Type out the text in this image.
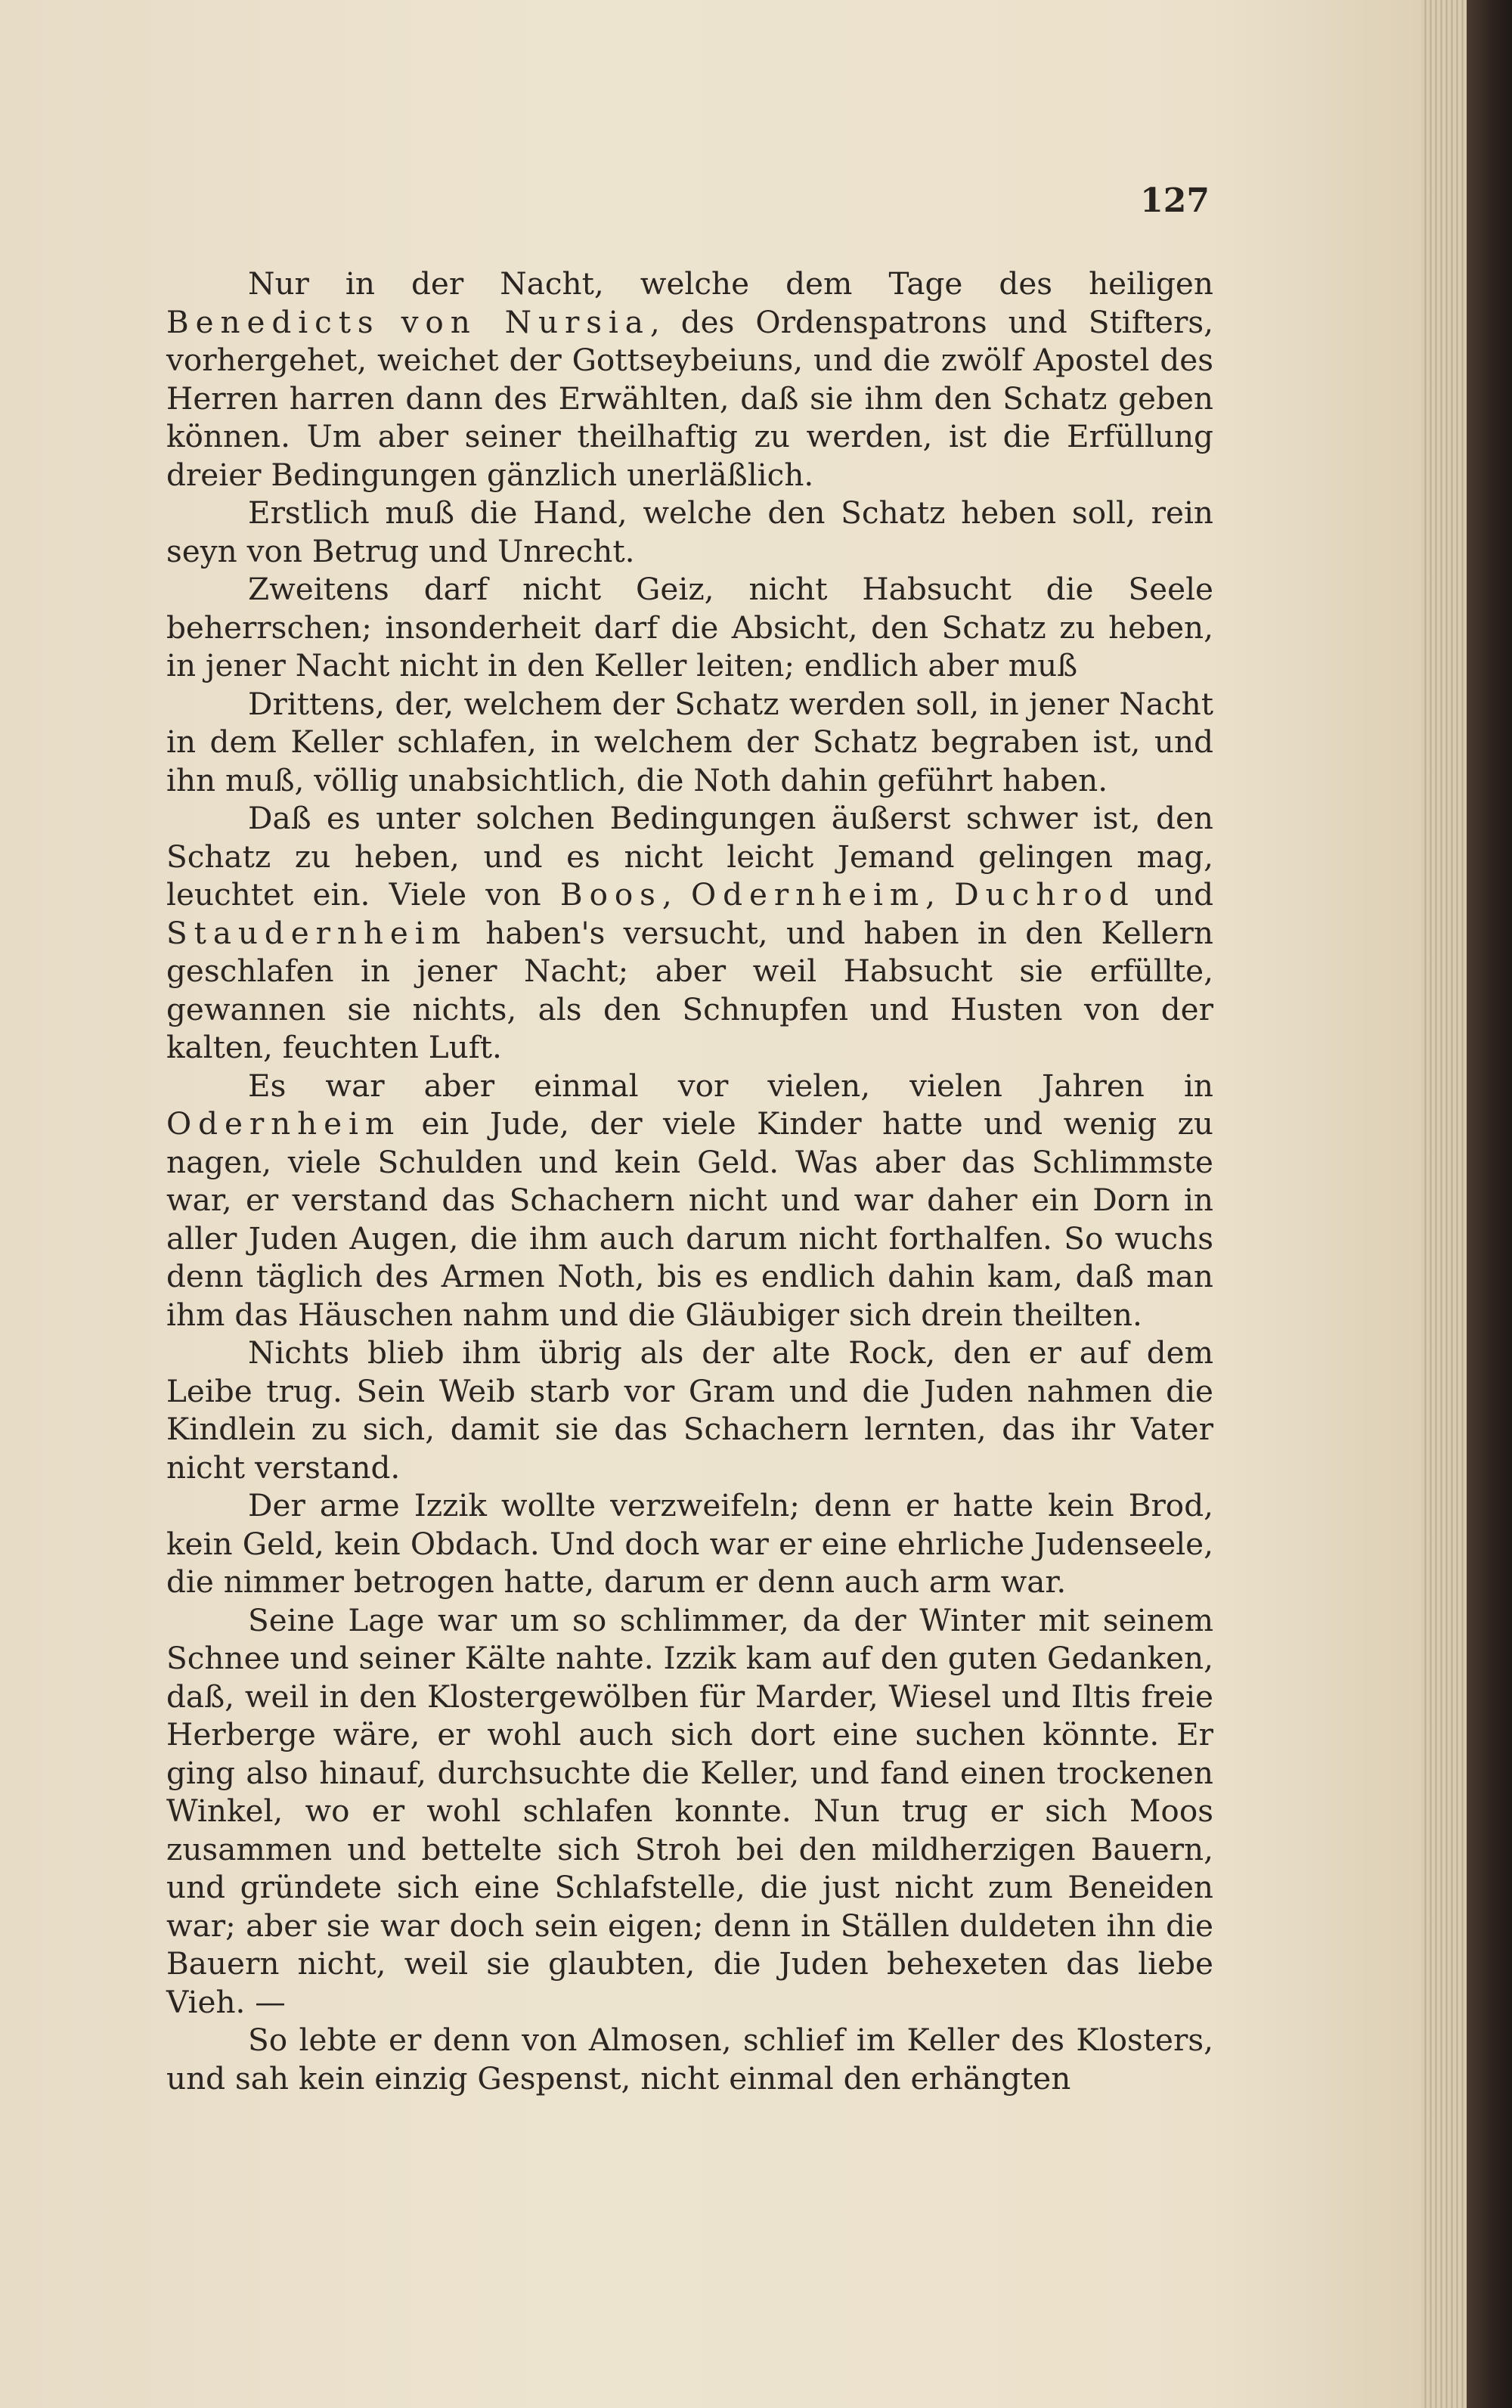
127

Nur in der Nacht, welche dem Tage des heiligen Benedicts von Nursia, des Ordenspatrons und Stifters, vorhergehet, weichet der Gottseybeiuns, und die zwölf Apostel des Herren harren dann des Erwählten, daß sie ihm den Schatz geben können. Um aber seiner theilhaftig zu werden, ist die Erfüllung dreier Bedingungen gänzlich unerläßlich.

Erstlich muß die Hand, welche den Schatz heben soll, rein seyn von Betrug und Unrecht.

Zweitens darf nicht Geiz, nicht Habsucht die Seele beherrschen; insonderheit darf die Absicht, den Schatz zu heben, in jener Nacht nicht in den Keller leiten; endlich aber muß

Drittens, der, welchem der Schatz werden soll, in jener Nacht in dem Keller schlafen, in welchem der Schatz begraben ist, und ihn muß, völlig unabsichtlich, die Noth dahin geführt haben.

Daß es unter solchen Bedingungen äußerst schwer ist, den Schatz zu heben, und es nicht leicht Jemand gelingen mag, leuchtet ein. Viele von Boos, Odernheim, Duchrod und Staudernheim haben's versucht, und haben in den Kellern geschlafen in jener Nacht; aber weil Habsucht sie erfüllte, gewannen sie nichts, als den Schnupfen und Husten von der kalten, feuchten Luft.

Es war aber einmal vor vielen, vielen Jahren in Odernheim ein Jude, der viele Kinder hatte und wenig zu nagen, viele Schulden und kein Geld. Was aber das Schlimmste war, er verstand das Schachern nicht und war daher ein Dorn in aller Juden Augen, die ihm auch darum nicht forthalfen. So wuchs denn täglich des Armen Noth, bis es endlich dahin kam, daß man ihm das Häuschen nahm und die Gläubiger sich drein theilten.

Nichts blieb ihm übrig als der alte Rock, den er auf dem Leibe trug. Sein Weib starb vor Gram und die Juden nahmen die Kindlein zu sich, damit sie das Schachern lernten, das ihr Vater nicht verstand.

Der arme Izzik wollte verzweifeln; denn er hatte kein Brod, kein Geld, kein Obdach. Und doch war er eine ehrliche Judenseele, die nimmer betrogen hatte, darum er denn auch arm war.

Seine Lage war um so schlimmer, da der Winter mit seinem Schnee und seiner Kälte nahte. Izzik kam auf den guten Gedanken, daß, weil in den Klostergewölben für Marder, Wiesel und Iltis freie Herberge wäre, er wohl auch sich dort eine suchen könnte. Er ging also hinauf, durchsuchte die Keller, und fand einen trockenen Winkel, wo er wohl schlafen konnte. Nun trug er sich Moos zusammen und bettelte sich Stroh bei den mildherzigen Bauern, und gründete sich eine Schlafstelle, die just nicht zum Beneiden war; aber sie war doch sein eigen; denn in Ställen duldeten ihn die Bauern nicht, weil sie glaubten, die Juden behexeten das liebe Vieh. —

So lebte er denn von Almosen, schlief im Keller des Klosters, und sah kein einzig Gespenst, nicht einmal den erhängten
